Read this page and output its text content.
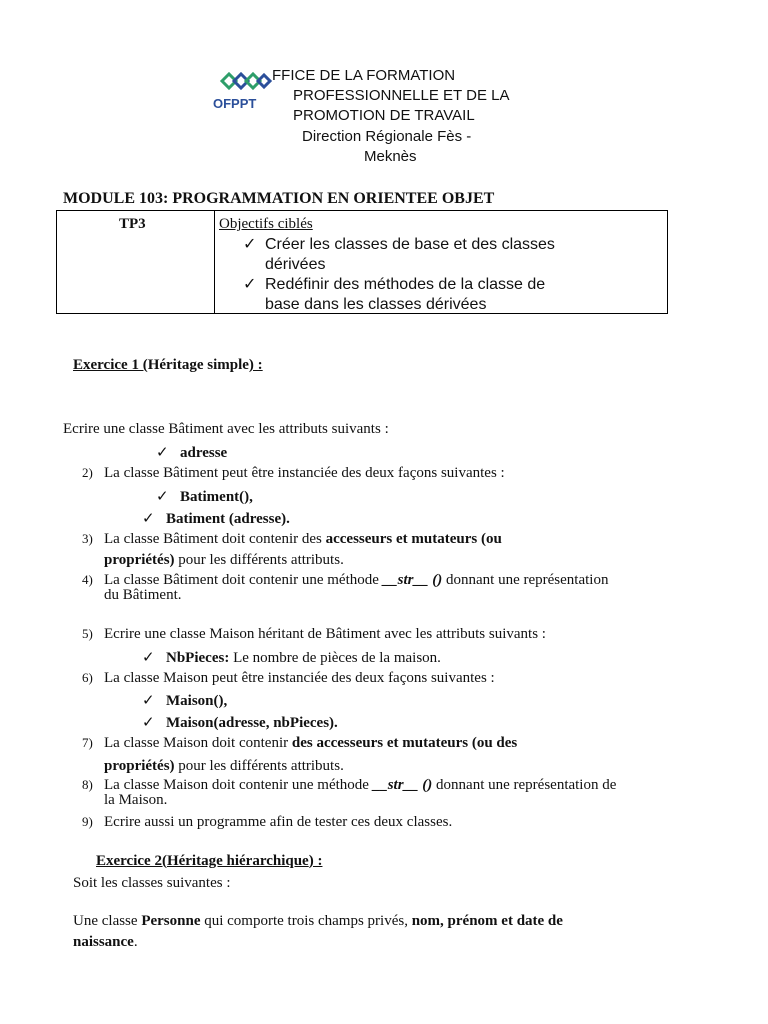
OFPPT
FFICE DE LA FORMATION
PROFESSIONNELLE ET DE LA
PROMOTION DE TRAVAIL
Direction Régionale Fès -
Meknès
MODULE 103: PROGRAMMATION EN ORIENTEE OBJET
TP3	Objectifs ciblés
✓ Créer les classes de base et des classes
dérivées
✓ Redéfinir des méthodes de la classe de
base dans les classes dérivées
Exercice 1 (Héritage simple) :
Ecrire une classe Bâtiment avec les attributs suivants :
✓ adresse
2) La classe Bâtiment peut être instanciée des deux façons suivantes :
✓ Batiment(),
✓ Batiment (adresse).
3) La classe Bâtiment doit contenir des accesseurs et mutateurs (ou
propriétés) pour les différents attributs.
4) La classe Bâtiment doit contenir une méthode __str__ () donnant une représentation
du Bâtiment.
5) Ecrire une classe Maison héritant de Bâtiment avec les attributs suivants :
✓ NbPieces: Le nombre de pièces de la maison.
6) La classe Maison peut être instanciée des deux façons suivantes :
✓ Maison(),
✓ Maison(adresse, nbPieces).
7) La classe Maison doit contenir des accesseurs et mutateurs (ou des
propriétés) pour les différents attributs.
8) La classe Maison doit contenir une méthode __str__ () donnant une représentation de
la Maison.
9) Ecrire aussi un programme afin de tester ces deux classes.
Exercice 2(Héritage hiérarchique) :
Soit les classes suivantes :
Une classe Personne qui comporte trois champs privés, nom, prénom et date de
naissance.
